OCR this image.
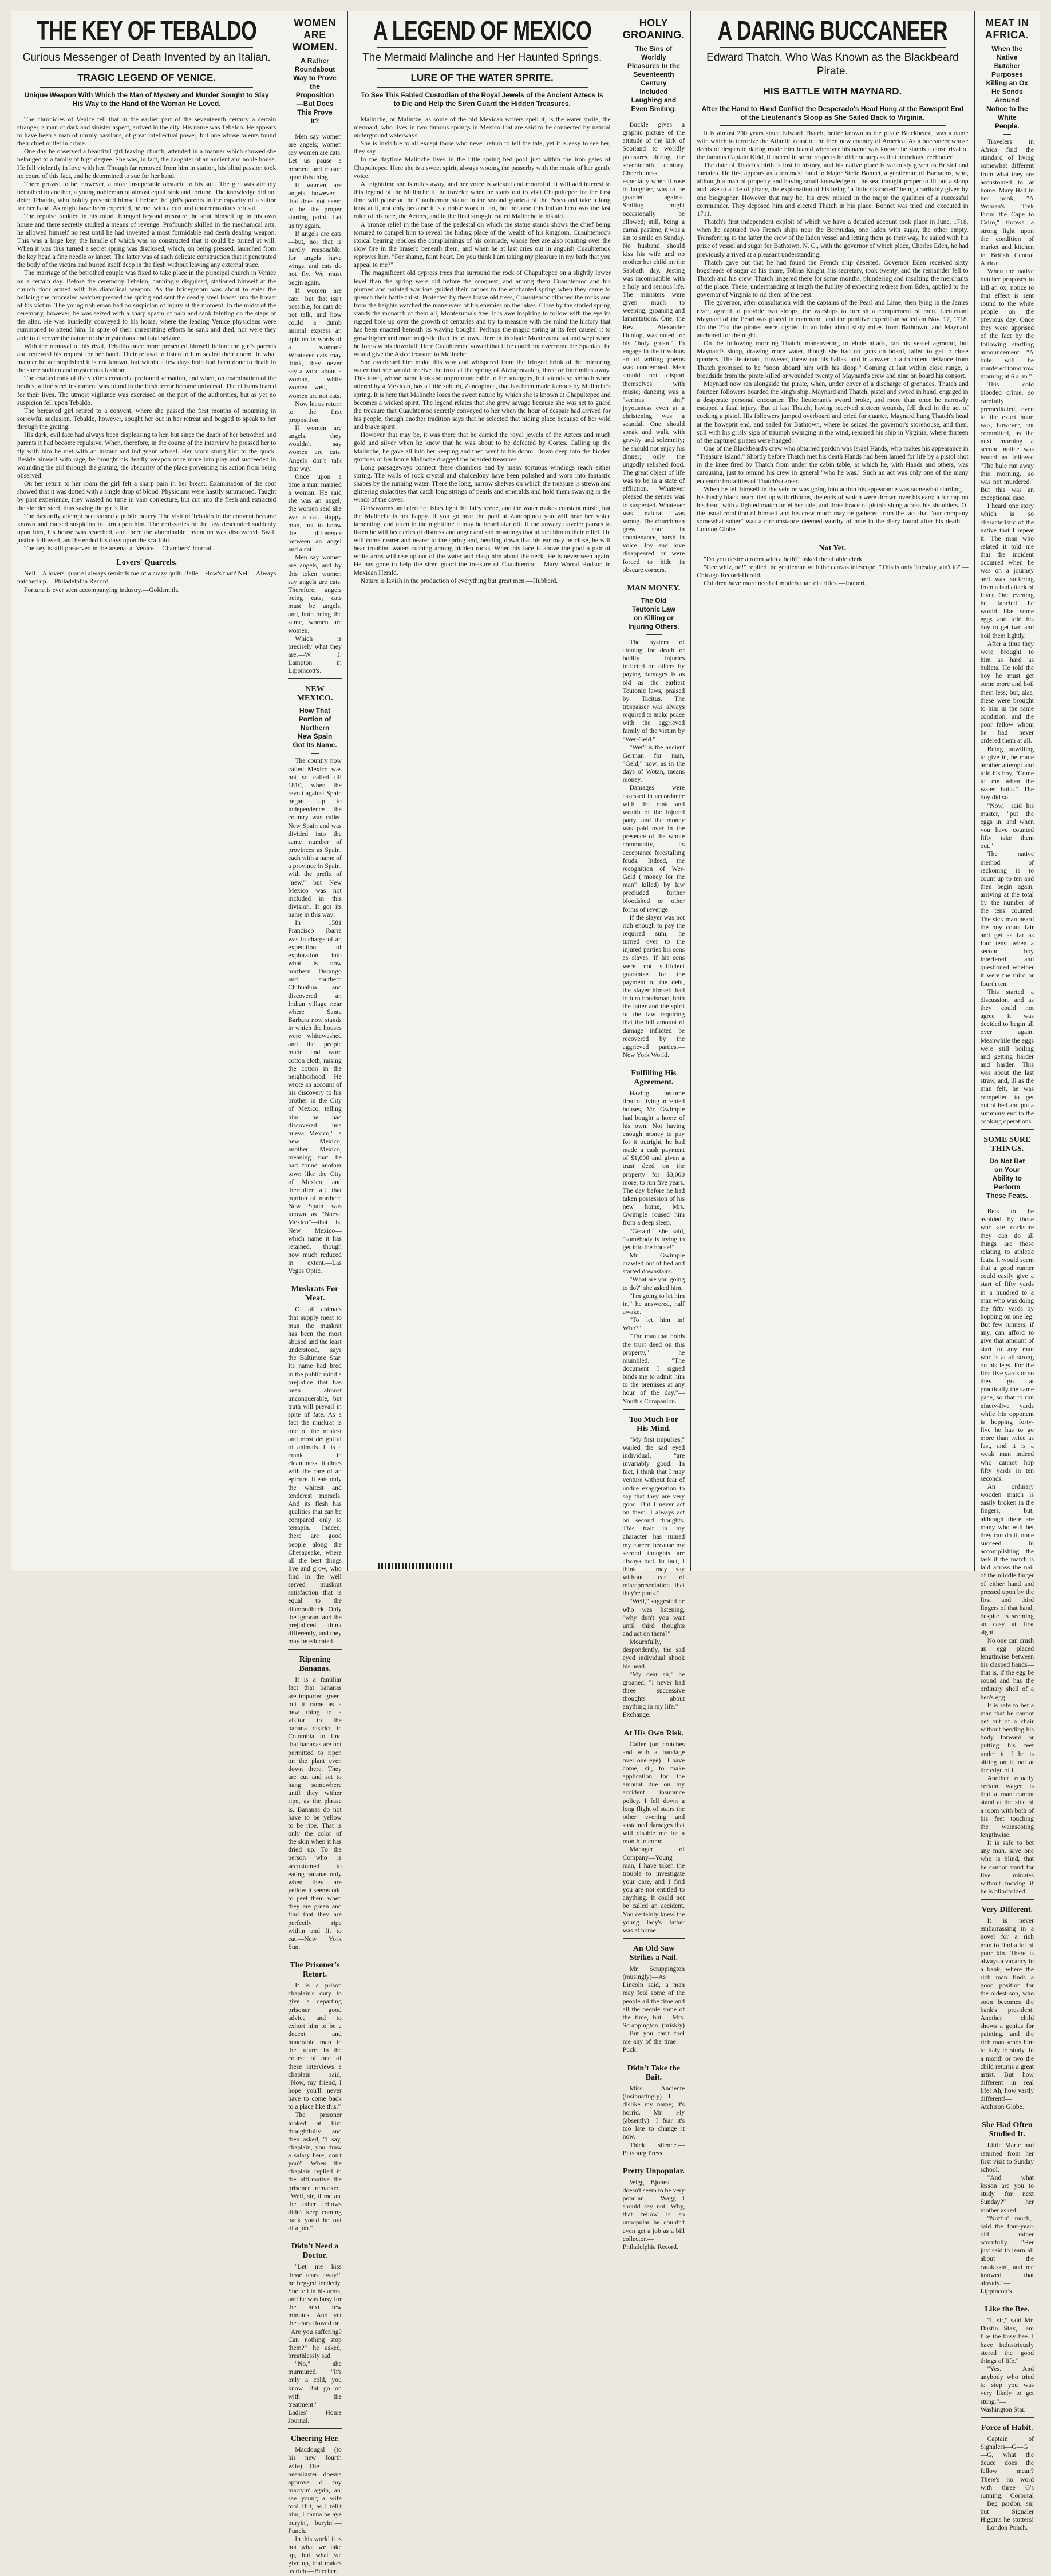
THE KEY OF TEBALDO
Curious Messenger of Death Invented by an Italian.
TRAGIC LEGEND OF VENICE.
Unique Weapon With Which the Man of Mystery and Murder Sought to Slay His Way to the Hand of the Woman He Loved.

The chronicles of Venice tell that in the earlier part of the seventeenth century a certain stranger, a man of dark and sinister aspect, arrived in the city. His name was Tebaldo. He appears to have been a man of unruly passions, of great intellectual power, but one whose talents found their chief outlet in crime.

One day he observed a beautiful girl leaving church, attended in a manner which showed she belonged to a family of high degree. She was, in fact, the daughter of an ancient and noble house. He fell violently in love with her. Though far removed from him in station, his blind passion took no count of this fact, and he determined to sue for her hand.

There proved to be, however, a more insuperable obstacle to his suit. The girl was already betrothed to another, a young nobleman of almost equal rank and fortune. The knowledge did not deter Tebaldo, who boldly presented himself before the girl's parents in the capacity of a suitor for her hand. As might have been expected, he met with a curt and unceremonious refusal.

The repulse rankled in his mind. Enraged beyond measure, he shut himself up in his own house and there secretly studied a means of revenge. Profoundly skilled in the mechanical arts, he allowed himself no rest until he had invented a most formidable and death dealing weapon. This was a large key, the handle of which was so constructed that it could be turned at will. When it was thus turned a secret spring was disclosed, which, on being pressed, launched from the key head a fine needle or lancet. The latter was of such delicate construction that it penetrated the body of the victim and buried itself deep in the flesh without leaving any external trace.

The marriage of the betrothed couple was fixed to take place in the principal church in Venice on a certain day. Before the ceremony Tebaldo, cunningly disguised, stationed himself at the church door armed with his diabolical weapon. As the bridegroom was about to enter the building the concealed watcher pressed the spring and sent the deadly steel lancet into the breast of his victim. The young nobleman had no suspicion of injury at the moment. In the midst of the ceremony, however, he was seized with a sharp spasm of pain and sank fainting on the steps of the altar. He was hurriedly conveyed to his home, where the leading Venice physicians were summoned to attend him. In spite of their unremitting efforts he sank and died, nor were they able to discover the nature of the mysterious and fatal seizure.

With the removal of his rival, Tebaldo once more presented himself before the girl's parents and renewed his request for her hand. Their refusal to listen to him sealed their doom. In what manner he accomplished it is not known, but within a few days both had been done to death in the same sudden and mysterious fashion.

The exalted rank of the victims created a profound sensation, and when, on examination of the bodies, a fine steel instrument was found in the flesh terror became universal. The citizens feared for their lives. The utmost vigilance was exercised on the part of the authorities, but as yet no suspicion fell upon Tebaldo.

The bereaved girl retired to a convent, where she passed the first months of mourning in sorrowful seclusion. Tebaldo, however, sought her out in her retreat and begged to speak to her through the grating.

His dark, evil face had always been displeasing to her, but since the death of her betrothed and parents it had become repulsive. When, therefore, in the course of the interview he pressed her to fly with him he met with an instant and indignant refusal. Her scorn stung him to the quick. Beside himself with rage, he brought his deadly weapon once more into play and succeeded in wounding the girl through the grating, the obscurity of the place preventing his action from being observed.

On her return to her room the girl felt a sharp pain in her breast. Examination of the spot showed that it was dotted with a single drop of blood. Physicians were hastily summoned. Taught by past experience, they wasted no time in vain conjecture, but cut into the flesh and extracted the slender steel, thus saving the girl's life.

The dastardly attempt occasioned a public outcry. The visit of Tebaldo to the convent became known and caused suspicion to turn upon him. The emissaries of the law descended suddenly upon him, his house was searched, and there the abominable invention was discovered. Swift justice followed, and he ended his days upon the scaffold.

The key is still preserved in the arsenal at Venice.—Chambers' Journal.

Lovers' Quarrels.

Nell—A lovers' quarrel always reminds me of a crazy quilt. Belle—How's that? Nell—Always patched up.—Philadelphia Record.

Fortune is ever seen accompanying industry.—Goldsmith.

WOMEN ARE WOMEN.
A Rather Roundabout Way to Prove the Proposition—But Does This Prove It?

Men say women are angels; women say women are cats. Let us pause a moment and reason upon this thing.

If women are angels—however, that does not seem to be the proper starting point. Let us try again.

If angels are cats—but, no; that is hardly reasonable, for angels have wings, and cats do not fly. We must begin again.

If women are cats—but that isn't possible, for cats do not talk, and how could a dumb animal express an opinion in words of a woman? Whatever cats may think, they never say a word about a woman, while women—well, women are not cats.

Now let us return to the first proposition.

If women are angels, they wouldn't say women are cats. Angels don't talk that way.

Once upon a time a man married a woman. He said she was an angel; the women said she was a cat. Happy man, not to know the difference between an angel and a cat!

Men say women are angels, and by this token women say angels are cats. Therefore, angels being cats, cats must be angels, and, both being the same, women are women.

Which is precisely what they are.—W. J. Lampton in Lippincott's.

NEW MEXICO.
How That Portion of Northern New Spain Got Its Name.

The country now called Mexico was not so called till 1810, when the revolt against Spain began. Up to independence the country was called New Spain and was divided into the same number of provinces as Spain, each with a name of a province in Spain, with the prefix of "new," but New Mexico was not included in this division. It got its name in this way:

In 1581 Francisco Ibarra was in charge of an expedition of exploration into what is now northern Durango and southern Chihuahua and discovered an Indian village near where Santa Barbara now stands in which the houses were whitewashed and the people made and wore cotton cloth, raising the cotton in the neighborhood. He wrote an account of his discovery to his brother in the City of Mexico, telling him he had discovered "una nueva Mexico," a new Mexico, another Mexico, meaning that he had found another town like the City of Mexico, and thereafter all that portion of northern New Spain was known as "Nueva Mexico"—that is, New Mexico—which name it has retained, though now much reduced in extent.—Las Vegas Optic.

Muskrats For Meat.

Of all animals that supply meat to man the muskrat has been the most abused and the least understood, says the Baltimore Star. Its name had bred in the public mind a prejudice that has been almost unconquerable, but truth will prevail in spite of fate. As a fact the muskrat is one of the neatest and most delightful of animals. It is a crank in cleanliness. It dines with the care of an epicure. It eats only the whitest and tenderest morsels. And its flesh has qualities that can be compared only to terrapin. Indeed, there are good people along the Chesapeake, where all the best things live and grow, who find in the well served muskrat satisfaction that is equal to the diamondback. Only the ignorant and the prejudiced think differently, and they may be educated.

Ripening Bananas.

It is a familiar fact that bananas are imported green, but it came as a new thing to a visitor to the banana district in Colombia to find that bananas are not permitted to ripen on the plant even down there. They are cut and set to hang somewhere until they wither ripe, as the phrase is. Bananas do not have to be yellow to be ripe. That is only the color of the skin when it has dried up. To the person who is accustomed to eating bananas only when they are yellow it seems odd to peel them when they are green and find that they are perfectly ripe within and fit to eat.—New York Sun.

The Prisoner's Retort.

It is a prison chaplain's duty to give a departing prisoner good advice and to exhort him to be a decent and honorable man in the future. In the course of one of these interviews a chaplain said, "Now, my friend, I hope you'll never have to come back to a place like this."

The prisoner looked at him thoughtfully and then asked, "I say, chaplain, you draw a salary here, don't you?" When the chaplain replied in the affirmative the prisoner remarked, "Well, sir, if me an' the other fellows didn't keep coming back you'd be out of a job."

Didn't Need a Doctor.

"Let me kiss those tears away!" he begged tenderly. She fell in his arms, and he was busy for the next few minutes. And yet the tears flowed on. "Are you suffering? Can nothing stop them?" he asked, breathlessly sad.

"No," she murmured. "It's only a cold, you know. But go on with the treatment."—Ladies' Home Journal.

Cheering Her.

Macdougal (to his new fourth wife)—The neeminster doesna approve o' my marryin' again, an' sae young a wife too! But, as I tell't him, I canna be aye buryin', buryin'.—Punch.

In this world it is not what we take up, but what we give up, that makes us rich.—Beecher.

A LEGEND OF MEXICO
The Mermaid Malinche and Her Haunted Springs.
LURE OF THE WATER SPRITE.
To See This Fabled Custodian of the Royal Jewels of the Ancient Aztecs Is to Die and Help the Siren Guard the Hidden Treasures.

Malinche, or Malintze, as some of the old Mexican writers spell it, is the water sprite, the mermaid, who lives in two famous springs in Mexico that are said to be connected by natural underground waterways.

She is invisible to all except those who never return to tell the tale, yet it is easy to see her, they say.

In the daytime Malinche lives in the little spring bed pool just within the iron gates of Chapultepec. Here she is a sweet spirit, always wooing the passerby with the music of her gentle voice.

At nighttime she is miles away, and her voice is wicked and mournful. It will add interest to this legend of the Malinche if the traveler when he starts out to visit Chapultepec for the first time will pause at the Cuauhtemoc statue in the second glorieta of the Paseo and take a long look at it, not only because it is a noble work of art, but because this Indian hero was the last ruler of his race, the Aztecs, and in the final struggle called Malinche to his aid.

A bronze relief in the base of the pedestal on which the statue stands shows the chief being tortured to compel him to reveal the hiding place of the wealth of his kingdom. Cuauhtemoc's stoical bearing rebukes the complainings of his comrade, whose feet are also roasting over the slow fire in the brasero beneath them, and when he at last cries out in anguish Cuauhtemoc reproves him. "For shame, faint heart. Do you think I am taking my pleasure in my bath that you appeal to me?"

The magnificent old cypress trees that surround the rock of Chapultepec on a slightly lower level than the spring were old before the conquest, and among them Cuauhtemoc and his plumed and painted warriors guided their canoes to the enchanted spring when they came to quench their battle thirst. Protected by these brave old trees, Cuauhtemoc climbed the rocks and from the heights watched the maneuvers of his enemies on the lakes. Close by the storied spring stands the monarch of them all, Montezuma's tree. It is awe inspiring to follow with the eye its rugged bole up over the growth of centuries and try to measure with the mind the history that has been enacted beneath its waving boughs. Perhaps the magic spring at its feet caused it to grow higher and more majestic than its fellows. Here in its shade Montezuma sat and wept when he foresaw his downfall. Here Cuauhtemoc vowed that if he could not overcome the Spaniard he would give the Aztec treasure to Malinche.

She overheard him make this vow and whispered from the fringed brink of the mirroring water that she would receive the trust at the spring of Atzcapotzalco, three or four miles away. This town, whose name looks so unpronounceable to the strangers, but sounds so smooth when uttered by a Mexican, has a little suburb, Zancopinca, that has been made famous by Malinche's spring. It is here that Malinche loses the sweet nature by which she is known at Chapultepec and becomes a wicked spirit. The legend relates that she grew savage because she was set to guard the treasure that Cuauhtemoc secretly conveyed to her when the hour of despair had arrived for his people, though another tradition says that he selected that hiding place because of her wild and brave spirit.

However that may be, it was there that he carried the royal jewels of the Aztecs and much gold and silver when he knew that he was about to be defeated by Cortes. Calling up the Malinche, he gave all into her keeping and then went to his doom. Down deep into the hidden grottoes of her home Malinche dragged the hoarded treasures.

Long passageways connect these chambers and by many tortuous windings reach either spring. The walls of rock crystal and chalcedony have been polished and worn into fantastic shapes by the running water. There the long, narrow shelves on which the treasure is strewn and glittering stalactites that catch long strings of pearls and emeralds and hold them swaying in the winds of the caves.

Glowworms and electric fishes light the fairy scene, and the water makes constant music, but the Malinche is not happy. If you go near the pool at Zancopinca you will hear her voice lamenting, and often in the nighttime it may be heard afar off. If the unwary traveler pauses to listen he will hear cries of distress and anger and sad moanings that attract him to their relief. He will come nearer and nearer to the spring and, bending down that his ear may be close, he will hear troubled waters rushing among hidden rocks. When his face is above the pool a pair of white arms will rise up out of the water and clasp him about the neck. He is never seen again. He has gone to help the siren guard the treasure of Cuauhtemoc.—Mary Worral Hudson in Mexican Herald.

Nature is lavish in the production of everything but great men.—Hubbard.

HOLY GROANING.
The Sins of Worldly Pleasures In the Seventeenth Century Included Laughing and Even Smiling.

Buckle gives a graphic picture of the attitude of the kirk of Scotland to worldly pleasures during the seventeenth century. Cheerfulness, especially when it rose to laughter, was to be guarded against. Smiling might occasionally be allowed; still, being a carnal pastime, it was a sin to smile on Sunday. No husband should kiss his wife and no mother her child on the Sabbath day. Jesting was incompatible with a holy and serious life. The ministers were given much to weeping, groaning and lamentations. One, the Rev. Alexander Dunlop, was noted for his "holy groan." To engage in the frivolous art of writing poems was condemned. Men should not disport themselves with music; dancing was a "serious sin;" joyousness even at a christening was a scandal. One should speak and walk with gravity and solemnity; he should not enjoy his dinner; only the ungodly relished food. The great object of life was to be in a state of affliction. Whatever pleased the senses was to suspected. Whatever was natural was wrong. The churchmen grew sour in countenance, harsh in voice. Joy and love disappeared or were forced to hide in obscure corners.

MAN MONEY.
The Old Teutonic Law on Killing or Injuring Others.

The system of atoning for death or bodily injuries inflicted on others by paying damages is as old as the earliest Teutonic laws, praised by Tacitus. The trespasser was always required to make peace with the aggrieved family of the victim by "Wer-Geld."

"Wer" is the ancient German for man, "Geld," now, as in the days of Wotan, means money.

Damages were assessed in accordance with the rank and wealth of the injured party, and the money was paid over in the presence of the whole community, its acceptance forestalling feuds. Indeed, the recognition of Wer-Geld ("money for the man" killed) by law precluded further bloodshed or other forms of revenge.

If the slayer was not rich enough to pay the required sum, he turned over to the injured parties his sons as slaves. If his sons were not sufficient guarantee for the payment of the debt, the slayer himself had to turn bondsman, both the latter and the spirit of the law requiring that the full amount of damage inflicted be recovered by the aggrieved parties.—New York World.

Fulfilling His Agreement.

Having become tired of living in rented houses, Mr. Gwimple had bought a home of his own. Not having enough money to pay for it outright, he had made a cash payment of $1,000 and given a trust deed on the property for $3,000 more, to run five years. The day before he had taken possession of his new home, Mrs. Gwimple roused him from a deep sleep.

"Gerald," she said, "somebody is trying to get into the house!"

Mr. Gwimple crawled out of bed and started downstairs.

"What are you going to do?" she asked him.

"I'm going to let him in," he answered, half awake.

"To let him in! Who?"

"The man that holds the trust deed on this property," he mumbled. "The document I signed binds me to admit him to the premises at any hour of the day."—Youth's Companion.

Too Much For His Mind.

"My first impulses," wailed the sad eyed individual, "are invariably good. In fact, I think that I may venture without fear of undue exaggeration to say that they are very good. But I never act on them. I always act on second thoughts. This trait in my character has ruined my career, because my second thoughts are always bad. In fact, I think I may say without fear of misrepresentation that they're punk."

"Well," suggested he who was listening, "why don't you wait until third thoughts and act on them?"

Mournfully, despondently, the sad eyed individual shook his head.

"My dear sir," he groaned, "I never had three successive thoughts about anything in my life."—Exchange.

At His Own Risk.

Caller (on crutches and with a bandage over one eye)—I have come, sir, to make application for the amount due on my accident insurance policy. I fell down a long flight of stairs the other evening and sustained damages that will disable me for a month to come.

Manager of Company—Young man, I have taken the trouble to investigate your case, and I find you are not entitled to anything. It could not be called an accident. You certainly knew the young lady's father was at home.

An Old Saw Strikes a Nail.

Mr. Scrappington (musingly)—As Lincoln said, a man may fool some of the people all the time and all the people some of the time, but— Mrs. Scrappington (briskly)—But you can't fool me any of the time!—Puck.

Didn't Take the Bait.

Miss Anciente (insinuatingly)—I dislike my name; it's horrid. Mr. Fly (absently)—I fear it's too late to change it now.

Thick silence.—Pittsburg Press.

Pretty Unpopular.

Wigg—Bjones doesn't seem to be very popular. Wagg—I should say not. Why, that fellow is so unpopular he couldn't even get a job as a bill collector.—Philadelphia Record.

A DARING BUCCANEER
Edward Thatch, Who Was Known as the Blackbeard Pirate.
HIS BATTLE WITH MAYNARD.
After the Hand to Hand Conflict the Desperado's Head Hung at the Bowsprit End of the Lieutenant's Sloop as She Sailed Back to Virginia.

It is almost 200 years since Edward Thatch, better known as the pirate Blackbeard, was a name with which to terrorize the Atlantic coast of the then new country of America. As a buccaneer whose deeds of desperate daring made him feared wherever his name was known he stands a close rival of the famous Captain Kidd, if indeed in some respects he did not surpass that notorious freebooter.

The date of Thatch's birth is lost in history, and his native place is variously given as Bristol and Jamaica. He first appears as a foremast hand to Major Stede Bonnet, a gentleman of Barbados, who, although a man of property and having small knowledge of the sea, thought proper to fit out a sloop and take to a life of piracy, the explanation of his being "a little distracted" being charitably given by one biographer. However that may be, his crew missed in the major the qualities of a successful commander. They deposed him and elected Thatch in his place. Bonnet was tried and executed in 1711.

Thatch's first independent exploit of which we have a detailed account took place in June, 1718, when he captured two French ships near the Bermudas, one laden with sugar, the other empty. Transferring to the latter the crew of the laden vessel and letting them go their way, he sailed with his prize of vessel and sugar for Bathtown, N. C., with the governor of which place, Charles Eden, he had previously arrived at a pleasant understanding.

Thatch gave out that he had found the French ship deserted. Governor Eden received sixty hogsheads of sugar as his share, Tobias Knight, his secretary, took twenty, and the remainder fell to Thatch and his crew. Thatch lingered there for some months, plundering and insulting the merchants of the place. These, understanding at length the futility of expecting redress from Eden, applied to the governor of Virginia to rid them of the pest.

The governor, after consultation with the captains of the Pearl and Lime, then lying in the James river, agreed to provide two sloops, the warships to furnish a complement of men. Lieutenant Maynard of the Pearl was placed in command, and the punitive expedition sailed on Nov. 17, 1718. On the 21st the pirates were sighted in an inlet about sixty miles from Bathtown, and Maynard anchored for the night.

On the following morning Thatch, maneuvering to elude attack, ran his vessel aground, but Maynard's sloop, drawing more water, though she had no guns on board, failed to get to close quarters. The lieutenant, however, threw out his ballast and in answer to a truculent defiance from Thatch promised to be "soon aboard him with his sloop." Coming at last within close range, a broadside from the pirate killed or wounded twenty of Maynard's crew and nine on board his consort.

Maynard now ran alongside the pirate, when, under cover of a discharge of grenades, Thatch and fourteen followers boarded the king's ship. Maynard and Thatch, pistol and sword in hand, engaged in a desperate personal encounter. The lieutenant's sword broke, and more than once he narrowly escaped a fatal injury. But at last Thatch, having received sixteen wounds, fell dead in the act of cocking a pistol. His followers jumped overboard and cried for quarter, Maynard hung Thatch's head at the bowsprit end, and sailed for Bathtown, where he seized the governor's storehouse, and then, still with his grisly sign of triumph swinging in the wind, rejoined his ship in Virginia, where thirteen of the captured pirates were hanged.

One of the Blackbeard's crew who obtained pardon was Israel Hands, who makes his appearance in "Treasure Island." Shortly before Thatch met his death Hands had been lamed for life by a pistol shot in the knee fired by Thatch from under the cabin table, at which he, with Hands and others, was carousing, just to remind his crew in general "who he was." Such an act was only one of the many eccentric brutalities of Thatch's career.

When he felt himself in the vein or was going into action his appearance was somewhat startling—his bushy black beard tied up with ribbons, the ends of which were thrown over his ears; a fur cap on his head, with a lighted match on either side, and three brace of pistols slung across his shoulders. Of the usual condition of himself and his crew much may be gathered from the fact that "our company somewhat sober" was a circumstance deemed worthy of note in the diary found after his death.—London Globe.

Not Yet.

"Do you desire a room with a bath?" asked the affable clerk.

"Gee whiz, no!" replied the gentleman with the canvas telescope. "This is only Tuesday, ain't it?"—Chicago Record-Herald.

Children have more need of models than of critics.—Joubert.

MEAT IN AFRICA.
When the Native Butcher Purposes Killing an Ox He Sends Around Notice to the White People.

Travelers in Africa find the standard of living somewhat different from what they are accustomed to at home. Mary Hall in her book, "A Woman's Trek From the Cape to Cairo," throws a strong light upon the condition of market and kitchen in British Central Africa:

When the native butcher proposes to kill an ox, notice to that effect is sent round to the white people on the previous day. Once they were apprised of the fact by the following startling announcement: "A bule will be murdered tomorrow morning at 6 a. m."

This cold blooded crime, so carefully premeditated, even to the exact hour, was, however, not committed, as the next morning a second notice was issued as follows: "The bule ran away this morning, so was not murdered." But this was an exceptional case.

I heard one story which is so characteristic of the native that I repeat it. The man who related it told me that the incident occurred when he was on a journey and was suffering from a bad attack of fever. One evening he fancied he would like some eggs and told his boy to get two and boil them lightly.

After a time they were brought to him as hard as bullets. He told the boy he must get some more and boil them less; but, alas, these were brought to him in the same condition, and the poor fellow whom he had never ordered them at all.

Being unwilling to give in, he made another attempt and told his boy, "Come to me when the water boils." The boy did so.

"Now," said his master, "put the eggs in, and when you have counted fifty take them out."

The native method of reckoning is to count up to ten and then begin again, arriving at the total by the number of the tens counted. The sick man heard the boy count fair and get as far as four tens, when a second boy interfered and questioned whether it were the third or fourth ten.

This started a discussion, and as they could not agree it was decided to begin all over again. Meanwhile the eggs were still boiling and getting harder and harder. This was about the last straw, and, ill as the man felt, he was compelled to get out of bed and put a summary end to the cooking operations.

SOME SURE THINGS.
Do Not Bet on Your Ability to Perform These Feats.

Bets to be avoided by those who are cocksure they can do all things are those relating to athletic feats. It would seem that a good runner could easily give a start of fifty yards in a hundred to a man who was doing the fifty yards by hopping on one leg. But few runners, if any, can afford to give that amount of start to any man who is at all strong on his legs. For the first five yards or so they go at practically the same pace, so that to run ninety-five yards while his opponent is hopping forty-five he has to go more than twice as fast, and it is a weak man indeed who cannot hop fifty yards in ten seconds.

An ordinary wooden match is easily broken in the fingers, but, although there are many who will bet they can do it, none succeed in accomplishing the task if the match is laid across the nail of the middle finger of either hand and pressed upon by the first and third fingers of that hand, despite its seeming so easy at first sight.

No one can crush an egg placed lengthwise between his clasped hands—that is, if the egg be sound and has the ordinary shell of a hen's egg.

It is safe to bet a man that he cannot get out of a chair without bending his body forward or putting his feet under it if he is sitting on it, not at the edge of it.

Another equally certain wager is that a man cannot stand at the side of a room with both of his feet touching the wainscoting lengthwise.

It is safe to bet any man, save one who is blind, that he cannot stand for five minutes without moving if he is blindfolded.

Very Different.

It is never embarrassing in a novel for a rich man to find a lot of poor kin. There is always a vacancy in a bank, where the rich man finds a good position for the oldest son, who soon becomes the bank's president. Another child shows a genius for painting, and the rich man sends him to Italy to study. In a month or two the child returns a great artist. But how different in real life! Ah, how vastly different!—Atchison Globe.

She Had Often Studied It.

Little Marie had returned from her first visit to Sunday school.

"And what lesson are you to study for next Sunday?" her mother asked.

"Nuffin' much," said the four-year-old rather scornfully. "Her just said to learn all about the catakissin', and me knowed that already."—Lippincott's.

Like the Bee.

"I, sir," said Mr. Dustin Stax, "am like the busy bee. I have industriously stored the good things of life."

"Yes. And anybody who tried to stop you was very likely to get stung."—Washington Star.

Force of Habit.

Captain of Signalers—G—G—G, what the deuce does the fellow mean? There's no word with three G's running. Corporal—Beg pardon, sir, but Signaler Higgins he stutters!—London Punch.
